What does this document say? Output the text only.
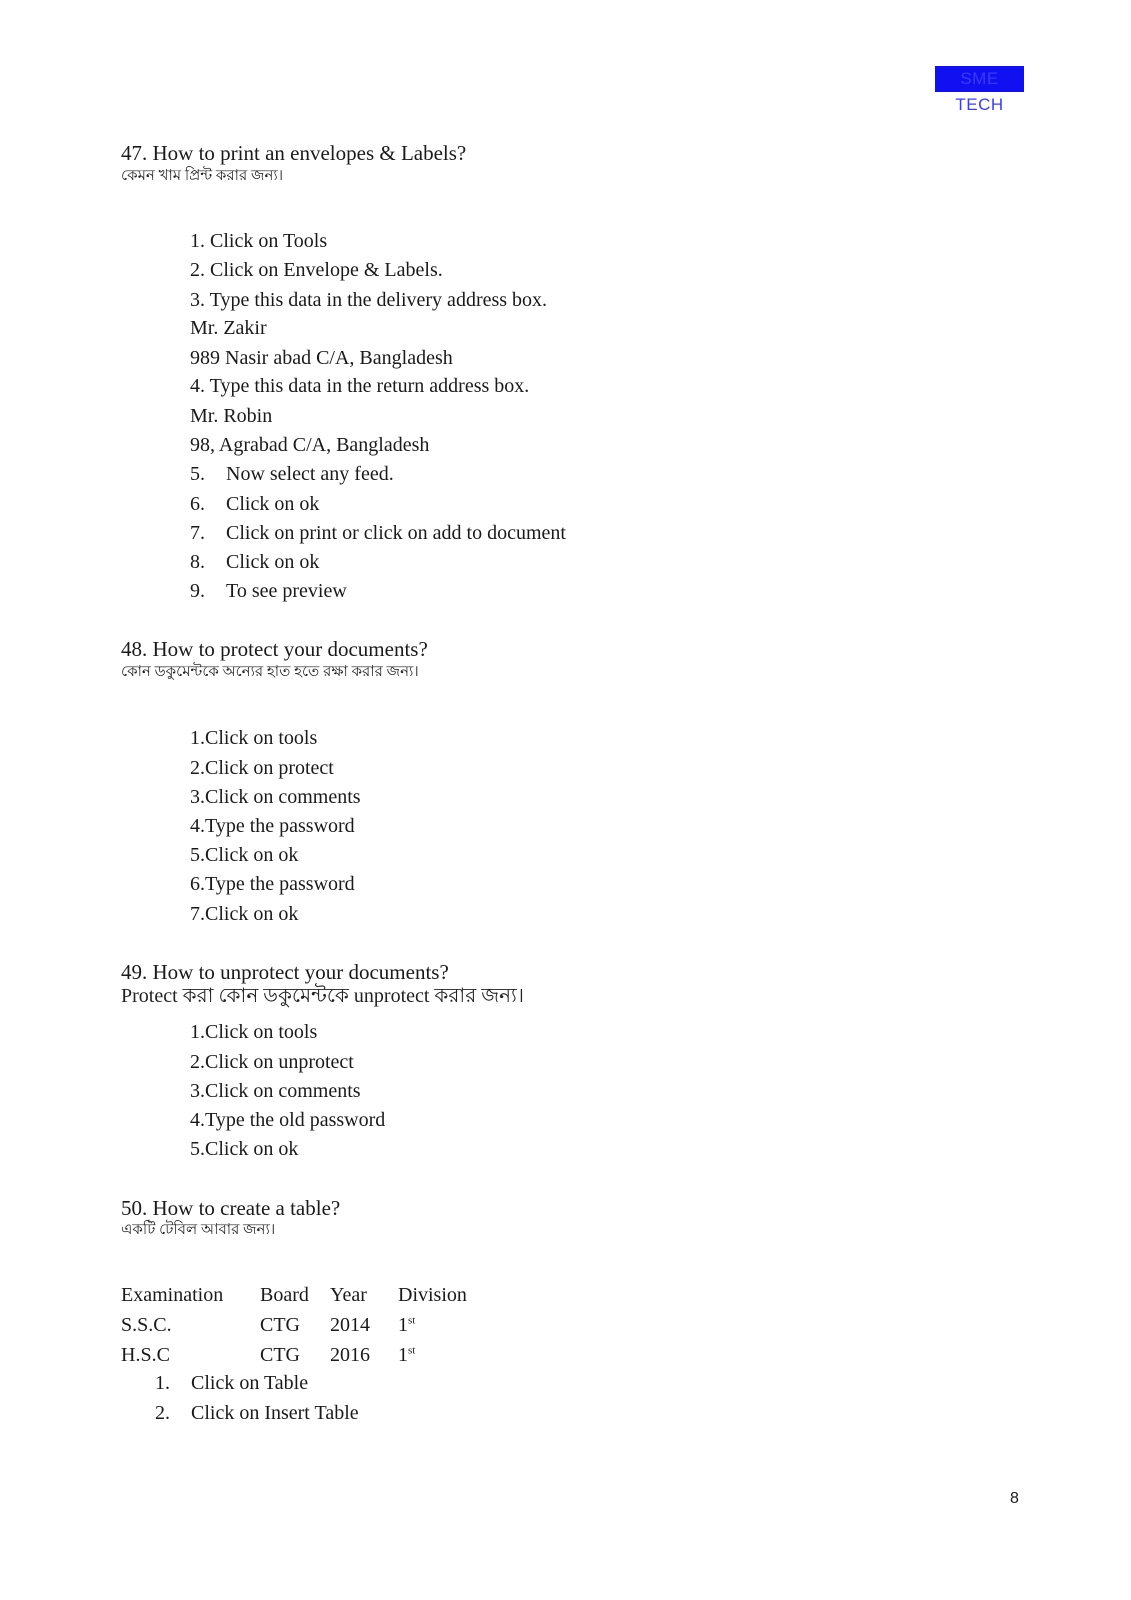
SME TECH
47. How to print an envelopes & Labels?
কেমন খাম প্রিন্ট করার জন্য।
1. Click on Tools
2. Click on Envelope & Labels.
3. Type this data in the delivery address box.
Mr. Zakir
989 Nasir abad C/A, Bangladesh
4. Type this data in the return address box.
Mr. Robin
98, Agrabad C/A, Bangladesh
5. Now select any feed.
6. Click on ok
7. Click on print or click on add to document
8. Click on ok
9. To see preview
48. How to protect your documents?
কোন ডকুমেন্টকে অন্যের হাত হতে রক্ষা করার জন্য।
1.Click on tools
2.Click on protect
3.Click on comments
4.Type the password
5.Click on ok
6.Type the password
7.Click on ok
49. How to unprotect your documents?
Protect করা কোন ডকুমেন্টকে unprotect করার জন্য।
1.Click on tools
2.Click on unprotect
3.Click on comments
4.Type the old password
5.Click on ok
50. How to create a table?
একটি টেবিল আবার জন্য।
Examination	Board	Year	Division
S.S.C.	CTG	2014	1st
H.S.C	CTG	2016	1st
1. Click on Table
2. Click on Insert Table
8
